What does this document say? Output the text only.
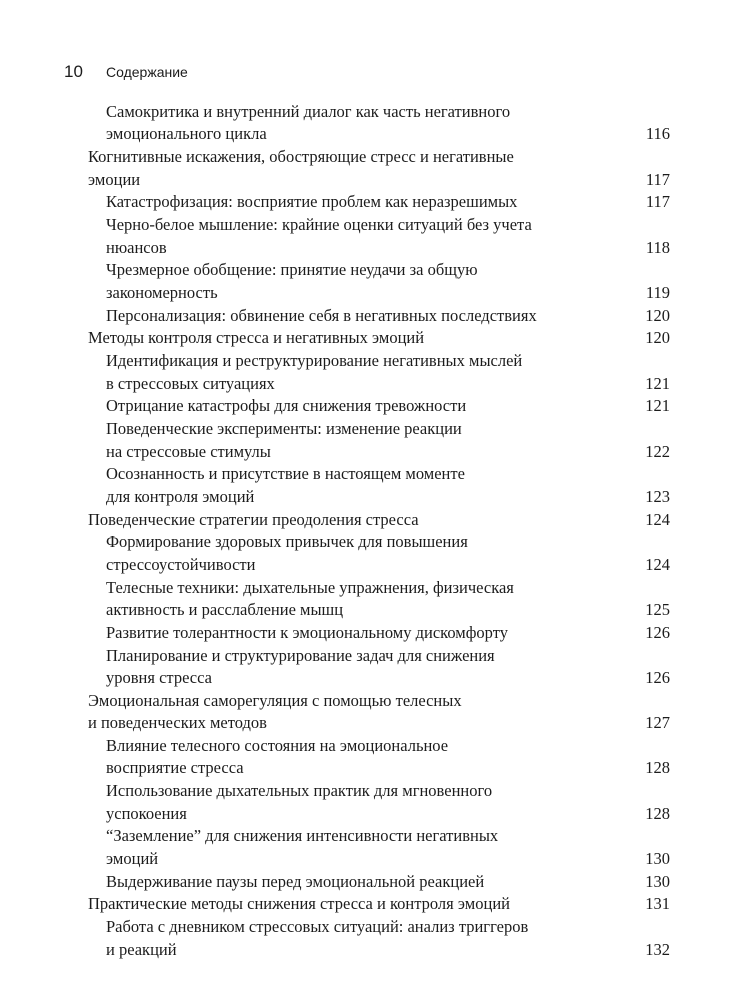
10	Содержание
Самокритика и внутренний диалог как часть негативного
эмоционального цикла	116
Когнитивные искажения, обостряющие стресс и негативные
эмоции	117
Катастрофизация: восприятие проблем как неразрешимых	117
Черно-белое мышление: крайние оценки ситуаций без учета
нюансов	118
Чрезмерное обобщение: принятие неудачи за общую
закономерность	119
Персонализация: обвинение себя в негативных последствиях	120
Методы контроля стресса и негативных эмоций	120
Идентификация и реструктурирование негативных мыслей
в стрессовых ситуациях	121
Отрицание катастрофы для снижения тревожности	121
Поведенческие эксперименты: изменение реакции
на стрессовые стимулы	122
Осознанность и присутствие в настоящем моменте
для контроля эмоций	123
Поведенческие стратегии преодоления стресса	124
Формирование здоровых привычек для повышения
стрессоустойчивости	124
Телесные техники: дыхательные упражнения, физическая
активность и расслабление мышц	125
Развитие толерантности к эмоциональному дискомфорту	126
Планирование и структурирование задач для снижения
уровня стресса	126
Эмоциональная саморегуляция с помощью телесных
и поведенческих методов	127
Влияние телесного состояния на эмоциональное
восприятие стресса	128
Использование дыхательных практик для мгновенного
успокоения	128
“Заземление” для снижения интенсивности негативных
эмоций	130
Выдерживание паузы перед эмоциональной реакцией	130
Практические методы снижения стресса и контроля эмоций	131
Работа с дневником стрессовых ситуаций: анализ триггеров
и реакций	132
